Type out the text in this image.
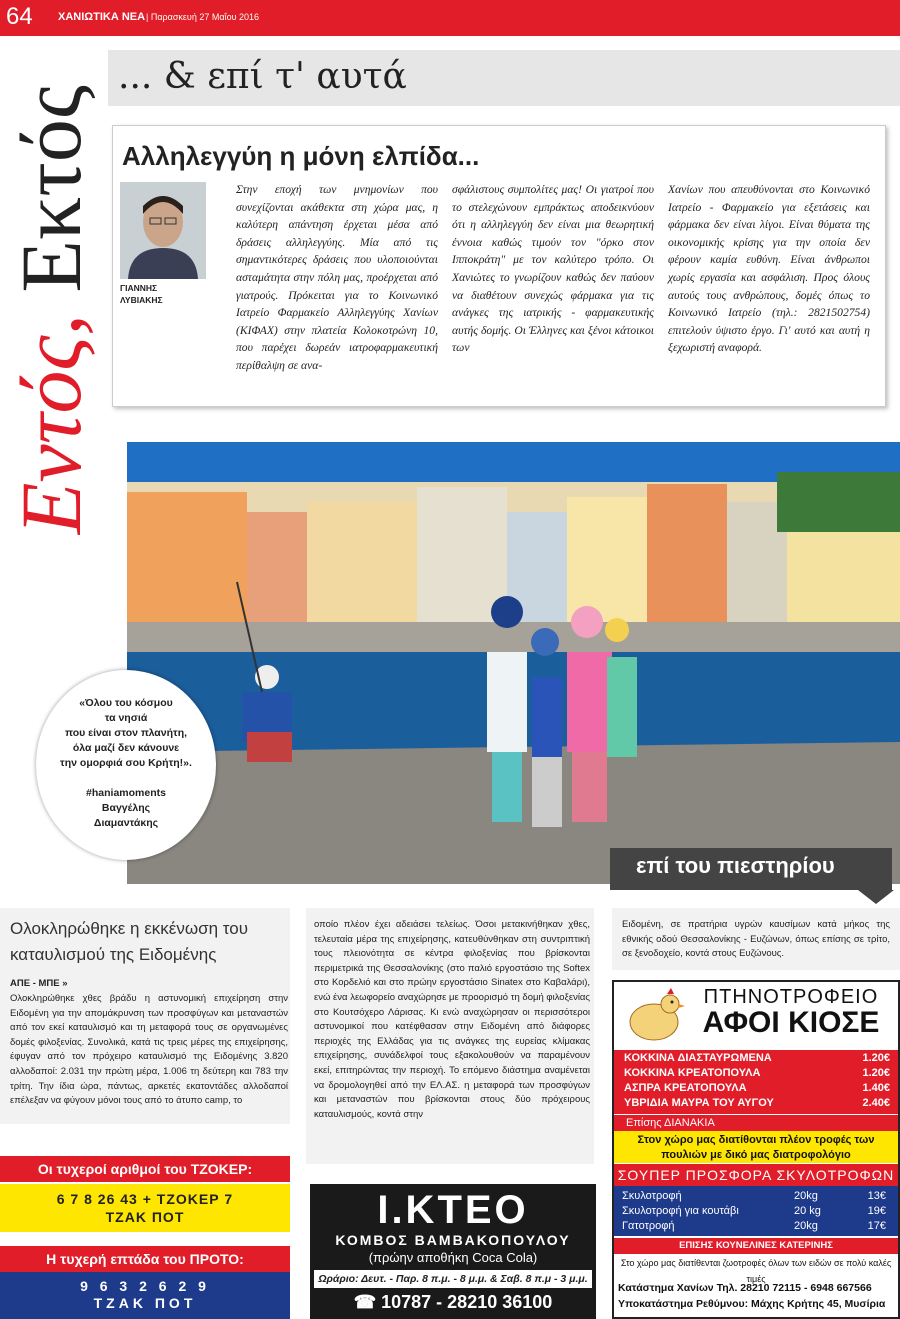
64 ΧΑΝΙΩΤΙΚΑ ΝΕΑ | Παρασκευή 27 Μαΐου 2016
Εντός, Εκτός
... & επί τ' αυτά
Αλληλεγγύη η μόνη ελπίδα...
ΓΙΑΝΝΗΣ
ΛΥΒΙΑΚΗΣ
Στην εποχή των μνημονίων που συνεχίζονται ακάθεκτα στη χώρα μας, η καλύτερη απάντηση έρχεται μέσα από δράσεις αλληλεγγύης. Μία από τις σημαντικότερες δράσεις που υλοποιούνται ασταμάτητα στην πόλη μας, προέρχεται από γιατρούς. Πρόκειται για το Κοινωνικό Ιατρείο Φαρμακείο Αλληλεγγύης Χανίων (ΚΙΦΑΧ) στην πλατεία Κολοκοτρώνη 10, που παρέχει δωρεάν ιατροφαρμακευτική περίθαλψη σε ανα-
σφάλιστους συμπολίτες μας! Οι γιατροί που το στελεχώνουν εμπράκτως αποδεικνύουν ότι η αλληλεγγύη δεν είναι μια θεωρητική έννοια καθώς τιμούν τον "όρκο στον Ιπποκράτη" με τον καλύτερο τρόπο. Οι Χανιώτες το γνωρίζουν καθώς δεν παύουν να διαθέτουν συνεχώς φάρμακα για τις ανάγκες της ιατρικής - φαρμακευτικής αυτής δομής. Οι Έλληνες και ξένοι κάτοικοι των
Χανίων που απευθύνονται στο Κοινωνικό Ιατρείο - Φαρμακείο για εξετάσεις και φάρμακα δεν είναι λίγοι. Είναι θύματα της οικονομικής κρίσης για την οποία δεν φέρουν καμία ευθύνη. Είναι άνθρωποι χωρίς εργασία και ασφάλιση. Προς όλους αυτούς τους ανθρώπους, δομές όπως το Κοινωνικό Ιατρείο (τηλ.: 2821502754) επιτελούν ύψιστο έργο. Γι' αυτό και αυτή η ξεχωριστή αναφορά.
«Όλου του κόσμου
τα νησιά
που είναι στον πλανήτη,
όλα μαζί δεν κάνουνε
την ομορφιά σου Κρήτη!».
#haniamoments
Βαγγέλης
Διαμαντάκης
επί του πιεστηρίου
Ολοκληρώθηκε η εκκένωση του καταυλισμού της Ειδομένης
ΑΠΕ - ΜΠΕ »
Ολοκληρώθηκε χθες βράδυ η αστυνομική επιχείρηση στην Ειδομένη για την απομάκρυνση των προσφύγων και μεταναστών από τον εκεί καταυλισμό και τη μεταφορά τους σε οργανωμένες δομές φιλοξενίας. Συνολικά, κατά τις τρεις μέρες της επιχείρησης, έφυγαν από τον πρόχειρο καταυλισμό της Ειδομένης 3.820 αλλοδαποί: 2.031 την πρώτη μέρα, 1.006 τη δεύτερη και 783 την τρίτη. Την ίδια ώρα, πάντως, αρκετές εκατοντάδες αλλοδαποί επέλεξαν να φύγουν μόνοι τους από το άτυπο camp, το
οποίο πλέον έχει αδειάσει τελείως. Όσοι μετακινήθηκαν χθες, τελευταία μέρα της επιχείρησης, κατευθύνθηκαν στη συντριπτική τους πλειονότητα σε κέντρα φιλοξενίας που βρίσκονται περιμετρικά της Θεσσαλονίκης (στο παλιό εργοστάσιο της Softex στο Κορδελιό και στο πρώην εργοστάσιο Sinatex στο Καβαλάρι), ενώ ένα λεωφορείο αναχώρησε με προορισμό τη δομή φιλοξενίας στο Κουτσόχερο Λάρισας. Κι ενώ αναχώρησαν οι περισσότεροι αστυνομικοί που κατέφθασαν στην Ειδομένη από διάφορες περιοχές της Ελλάδας για τις ανάγκες της ευρείας κλίμακας επιχείρησης, συνάδελφοί τους εξακολουθούν να παραμένουν εκεί, επιτηρώντας την περιοχή. Το επόμενο διάστημα αναμένεται να δρομολογηθεί από την ΕΛ.ΑΣ. η μεταφορά των προσφύγων και μεταναστών που βρίσκονται στους δύο πρόχειρους καταυλισμούς, κοντά στην
Ειδομένη, σε πρατήρια υγρών καυσίμων κατά μήκος της εθνικής οδού Θεσσαλονίκης - Ευζώνων, όπως επίσης σε τρίτο, σε ξενοδοχείο, κοντά στους Ευζώνους.
Οι τυχεροί αριθμοί του ΤΖΟΚΕΡ:
6 7 8 26 43 + ΤΖΟΚΕΡ 7
ΤΖΑΚ ΠΟΤ
Η τυχερή επτάδα του ΠΡΟΤΟ:
9 6 3 2 6 2 9
ΤΖΑΚ ΠΟΤ
Ι.ΚΤΕΟ
ΚΟΜΒΟΣ ΒΑΜΒΑΚΟΠΟΥΛΟΥ
(πρώην αποθήκη Coca Cola)
Ωράριο: Δευτ. - Παρ. 8 π.μ. - 8 μ.μ. & Σαβ. 8 π.μ - 3 μ.μ.
☎ 10787 - 28210 36100
ΠΤΗΝΟΤΡΟΦΕΙΟ
ΑΦΟΙ ΚΙΟΣΕ
ΚΟΚΚΙΝΑ ΔΙΑΣΤΑΥΡΩΜΕΝΑ	1.20€
ΚΟΚΚΙΝΑ ΚΡΕΑΤΟΠΟΥΛΑ	1.20€
ΑΣΠΡΑ ΚΡΕΑΤΟΠΟΥΛΑ	1.40€
ΥΒΡΙΔΙΑ ΜΑΥΡΑ ΤΟΥ ΑΥΓΟΥ	2.40€
Επίσης ΔΙΑΝΑΚΙΑ
Στον χώρο μας διατίθονται πλέον τροφές των πουλιών με δικό μας διατροφολόγιο
ΣΟΥΠΕΡ ΠΡΟΣΦΟΡΑ ΣΚΥΛΟΤΡΟΦΩΝ
Σκυλοτροφή	20kg	13€
Σκυλοτροφή για κουτάβι	20 kg	19€
Γατοτροφή	20kg	17€
ΕΠΙΣΗΣ ΚΟΥΝΕΛΙΝΕΣ ΚΑΤΕΡΙΝΗΣ
Στο χώρο μας διατίθενται ζωοτροφές όλων των ειδών σε πολύ καλές τιμές
Κατάστημα Χανίων Τηλ. 28210 72115 - 6948 667566
Υποκατάστημα Ρεθύμνου: Μάχης Κρήτης 45, Μυσίρια
